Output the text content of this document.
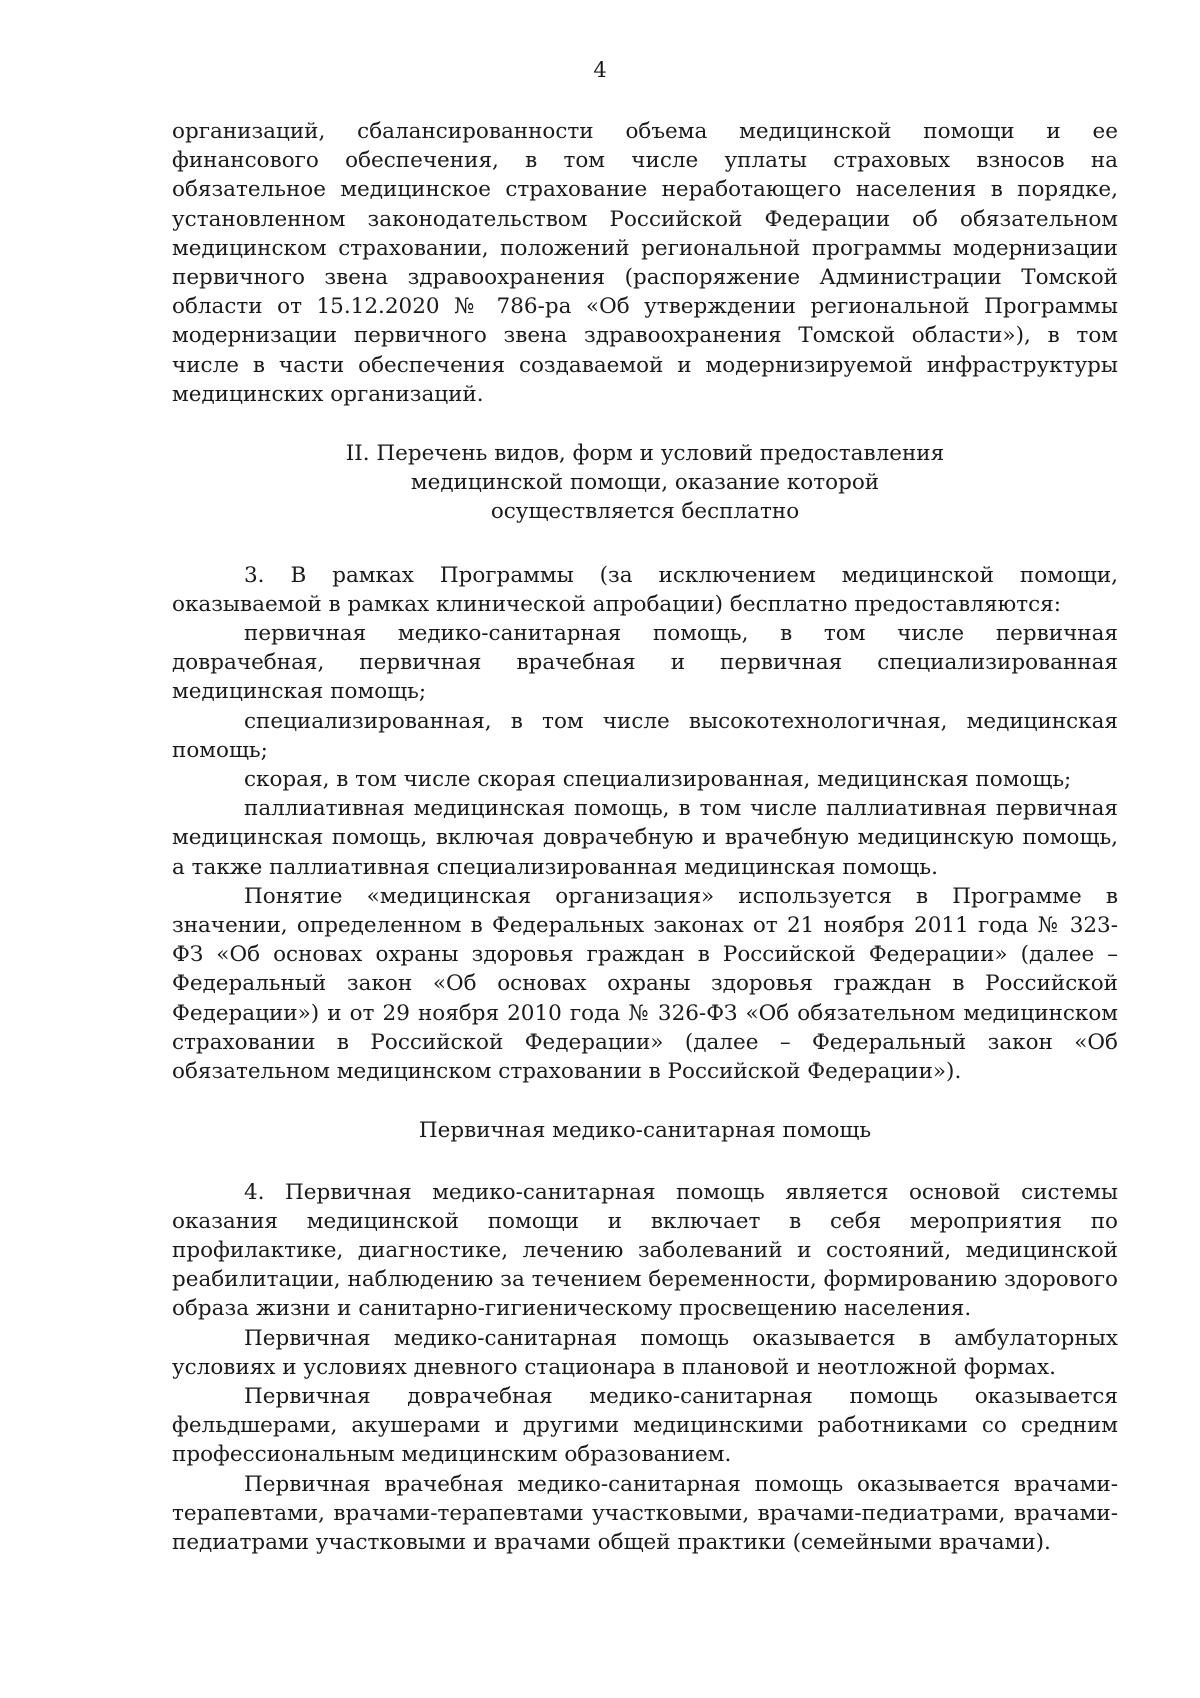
4

организаций, сбалансированности объема медицинской помощи и ее финансового обеспечения, в том числе уплаты страховых взносов на обязательное медицинское страхование неработающего населения в порядке, установленном законодательством Российской Федерации об обязательном медицинском страховании, положений региональной программы модернизации первичного звена здравоохранения (распоряжение Администрации Томской области от 15.12.2020 № 786-ра «Об утверждении региональной Программы модернизации первичного звена здравоохранения Томской области»), в том числе в части обеспечения создаваемой и модернизируемой инфраструктуры медицинских организаций.

II. Перечень видов, форм и условий предоставления
медицинской помощи, оказание которой
осуществляется бесплатно

3. В рамках Программы (за исключением медицинской помощи, оказываемой в рамках клинической апробации) бесплатно предоставляются:

первичная медико-санитарная помощь, в том числе первичная доврачебная, первичная врачебная и первичная специализированная медицинская помощь;

специализированная, в том числе высокотехнологичная, медицинская помощь;

скорая, в том числе скорая специализированная, медицинская помощь;

паллиативная медицинская помощь, в том числе паллиативная первичная медицинская помощь, включая доврачебную и врачебную медицинскую помощь, а также паллиативная специализированная медицинская помощь.

Понятие «медицинская организация» используется в Программе в значении, определенном в Федеральных законах от 21 ноября 2011 года № 323-ФЗ «Об основах охраны здоровья граждан в Российской Федерации» (далее – Федеральный закон «Об основах охраны здоровья граждан в Российской Федерации») и от 29 ноября 2010 года № 326-ФЗ «Об обязательном медицинском страховании в Российской Федерации» (далее – Федеральный закон «Об обязательном медицинском страховании в Российской Федерации»).

Первичная медико-санитарная помощь

4. Первичная медико-санитарная помощь является основой системы оказания медицинской помощи и включает в себя мероприятия по профилактике, диагностике, лечению заболеваний и состояний, медицинской реабилитации, наблюдению за течением беременности, формированию здорового образа жизни и санитарно-гигиеническому просвещению населения.

Первичная медико-санитарная помощь оказывается в амбулаторных условиях и условиях дневного стационара в плановой и неотложной формах.

Первичная доврачебная медико-санитарная помощь оказывается фельдшерами, акушерами и другими медицинскими работниками со средним профессиональным медицинским образованием.

Первичная врачебная медико-санитарная помощь оказывается врачами-терапевтами, врачами-терапевтами участковыми, врачами-педиатрами, врачами-педиатрами участковыми и врачами общей практики (семейными врачами).
